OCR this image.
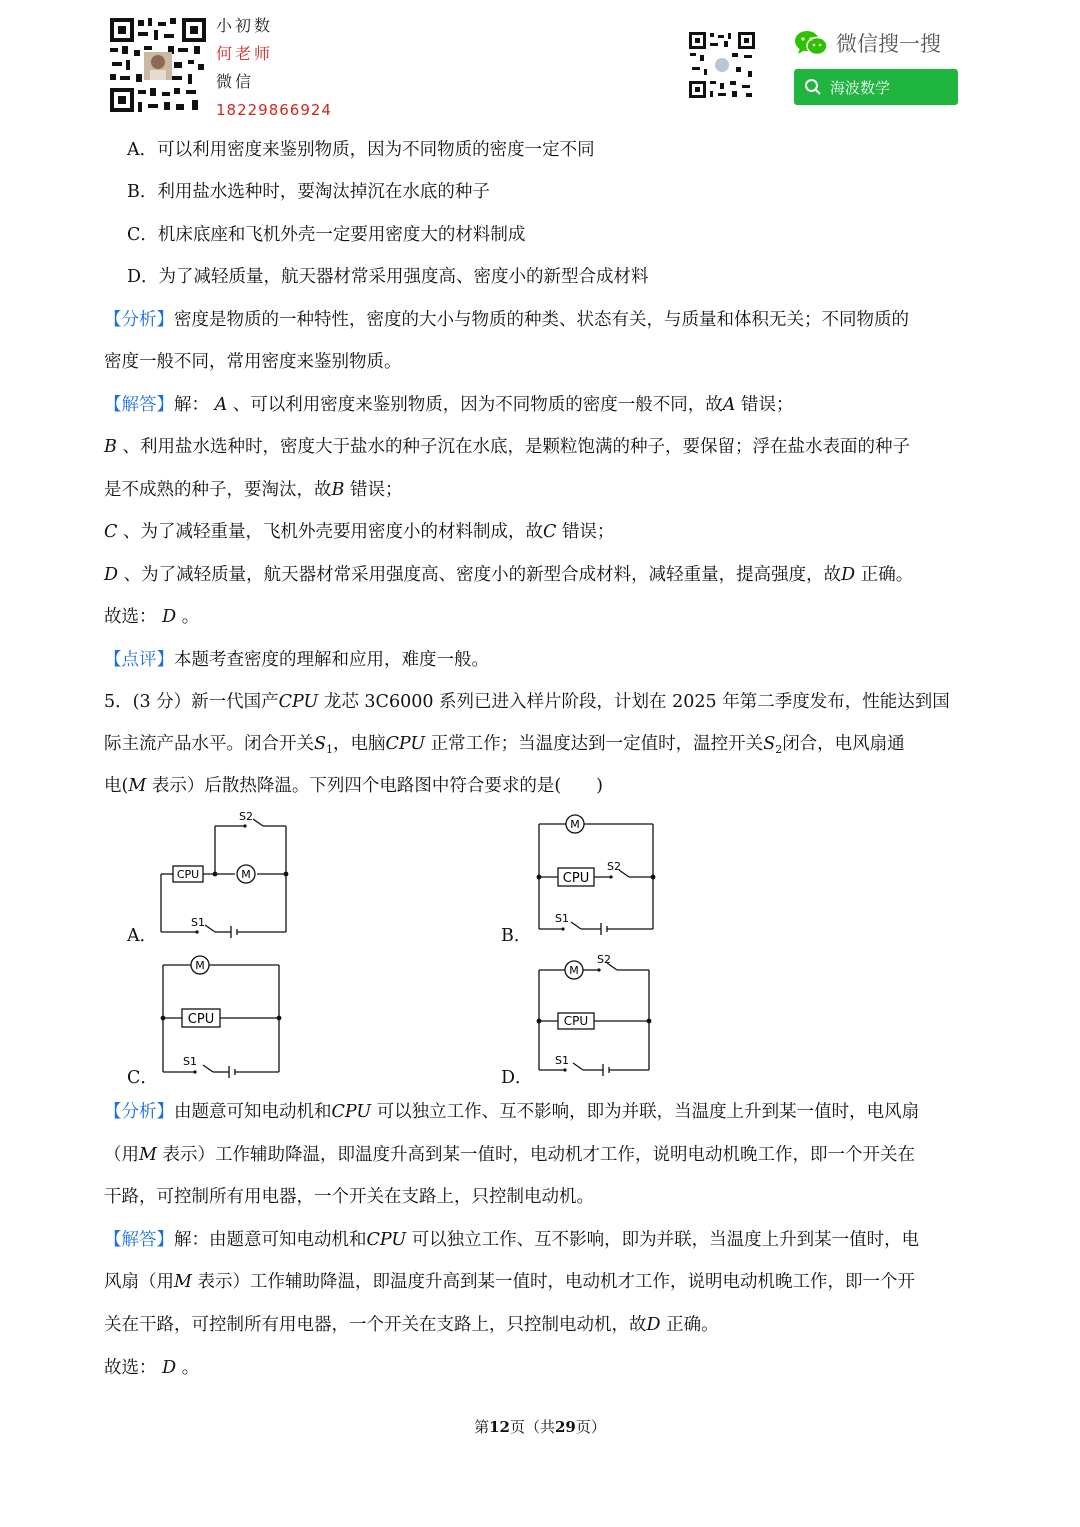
小初数
何老师
微信
18229866924
微信搜一搜
海波数学
A．可以利用密度来鉴别物质，因为不同物质的密度一定不同
B．利用盐水选种时，要淘汰掉沉在水底的种子
C．机床底座和飞机外壳一定要用密度大的材料制成
D．为了减轻质量，航天器材常采用强度高、密度小的新型合成材料
【分析】密度是物质的一种特性，密度的大小与物质的种类、状态有关，与质量和体积无关；不同物质的
密度一般不同，常用密度来鉴别物质。
【解答】解： A 、可以利用密度来鉴别物质，因为不同物质的密度一般不同，故A 错误；
B 、利用盐水选种时，密度大于盐水的种子沉在水底，是颗粒饱满的种子，要保留；浮在盐水表面的种子
是不成熟的种子，要淘汰，故B 错误；
C 、为了减轻重量，飞机外壳要用密度小的材料制成，故C 错误；
D 、为了减轻质量，航天器材常采用强度高、密度小的新型合成材料，减轻重量，提高强度，故D 正确。
故选： D 。
【点评】本题考查密度的理解和应用，难度一般。
5．(3 分）新一代国产CPU 龙芯 3C6000 系列已进入样片阶段，计划在 2025 年第二季度发布，性能达到国
际主流产品水平。闭合开关$S_1$，电脑CPU 正常工作；当温度达到一定值时，温控开关$S_2$闭合，电风扇通
电(M 表示）后散热降温。下列四个电路图中符合要求的是(　　)
CPU	M
S1
S2
A．
CPU
M
S1
S2
B．
CPU
M
S1
C．
CPU
M
S1
S2
D．
【分析】由题意可知电动机和CPU 可以独立工作、互不影响，即为并联，当温度上升到某一值时，电风扇
（用M 表示）工作辅助降温，即温度升高到某一值时，电动机才工作，说明电动机晚工作，即一个开关在
干路，可控制所有用电器，一个开关在支路上，只控制电动机。
【解答】解：由题意可知电动机和CPU 可以独立工作、互不影响，即为并联，当温度上升到某一值时，电
风扇（用M 表示）工作辅助降温，即温度升高到某一值时，电动机才工作，说明电动机晚工作，即一个开
关在干路，可控制所有用电器，一个开关在支路上，只控制电动机，故D 正确。
故选： D 。
第12页（共29页）
